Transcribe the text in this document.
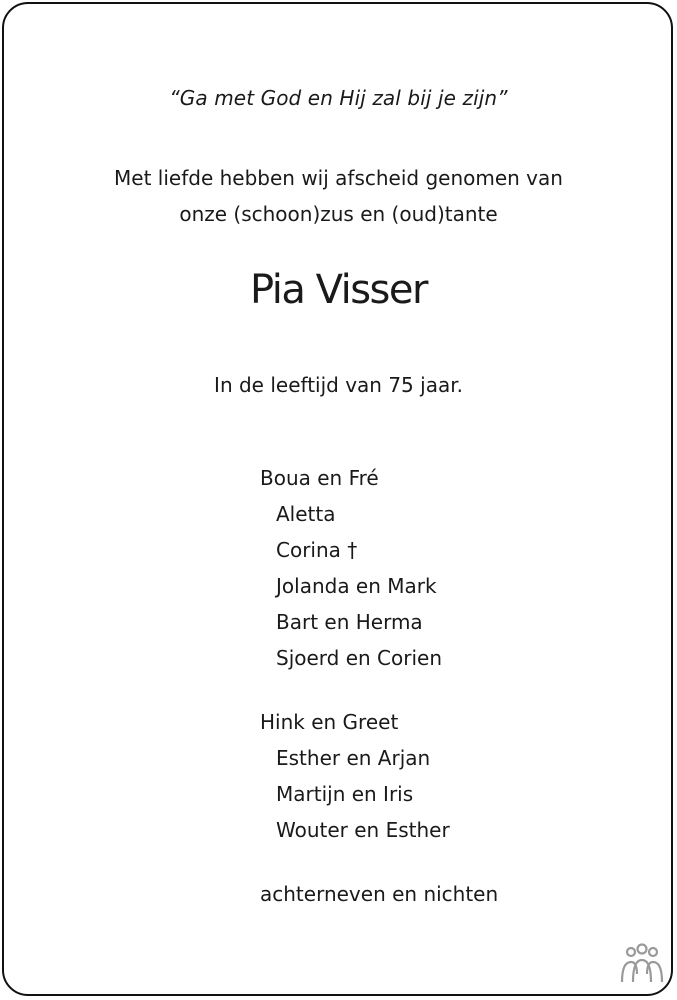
“Ga met God en Hij zal bij je zijn”
Met liefde hebben wij afscheid genomen van
onze (schoon)zus en (oud)tante
Pia Visser
In de leeftijd van 75 jaar.
Boua en Fré
Aletta
Corina †
Jolanda en Mark
Bart en Herma
Sjoerd en Corien
Hink en Greet
Esther en Arjan
Martijn en Iris
Wouter en Esther
achterneven en nichten
